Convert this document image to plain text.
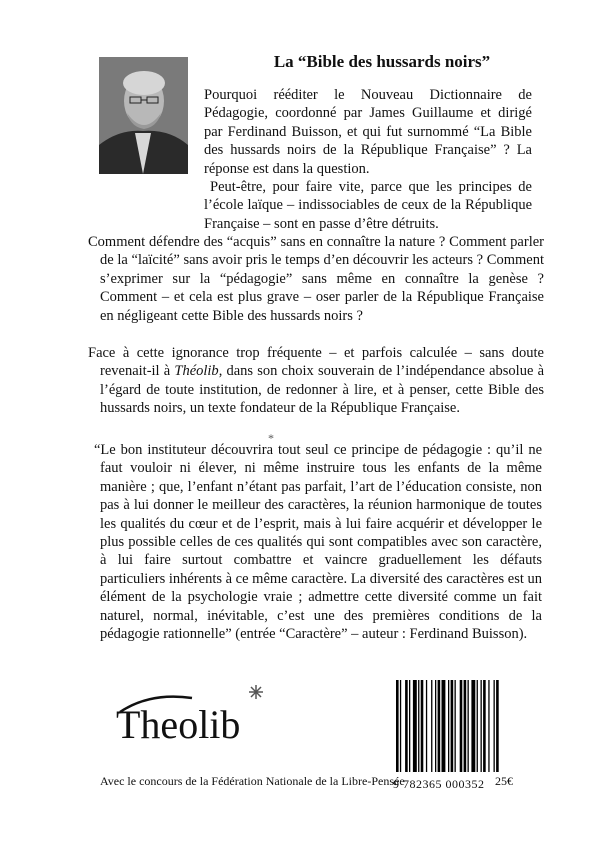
La “Bible des hussards noirs”

Pourquoi rééditer le Nouveau Dictionnaire de Pédagogie, coordonné par James Guillaume et dirigé par Ferdinand Buisson, et qui fut surnommé “La Bible des hussards noirs de la République Française” ? La réponse est dans la question.

Peut-être, pour faire vite, parce que les principes de l’école laïque – indissociables de ceux de la République Française – sont en passe d’être détruits.

Comment défendre des “acquis” sans en connaître la nature ? Comment parler de la “laïcité” sans avoir pris le temps d’en découvrir les acteurs ? Comment s’exprimer sur la “pédagogie” sans même en connaître la genèse ? Comment – et cela est plus grave – oser parler de la République Française en négligeant cette Bible des hussards noirs ?

Face à cette ignorance trop fréquente – et parfois calculée – sans doute revenait-il à Théolib, dans son choix souverain de l’indépendance absolue à l’égard de toute institution, de redonner à lire, et à penser, cette Bible des hussards noirs, un texte fondateur de la République Française.

*

“Le bon instituteur découvrira tout seul ce principe de pédagogie : qu’il ne faut vouloir ni élever, ni même instruire tous les enfants de la même manière ; que, l’enfant n’étant pas parfait, l’art de l’éducation consiste, non pas à lui donner le meilleur des caractères, la réunion harmonique de toutes les qualités du cœur et de l’esprit, mais à lui faire acquérir et développer le plus possible celles de ces qualités qui sont compatibles avec son caractère, à lui faire surtout combattre et vaincre graduellement les défauts particuliers inhérents à ce même caractère. La diversité des caractères est un élément de la psychologie vraie ; admettre cette diversité comme un fait naturel, normal, inévitable, c’est une des premières conditions de la pédagogie rationnelle” (entrée “Caractère” – auteur : Ferdinand Buisson).

Theolib
9 782365 000352
Avec le concours de la Fédération Nationale de la Libre-Pensée	25€
